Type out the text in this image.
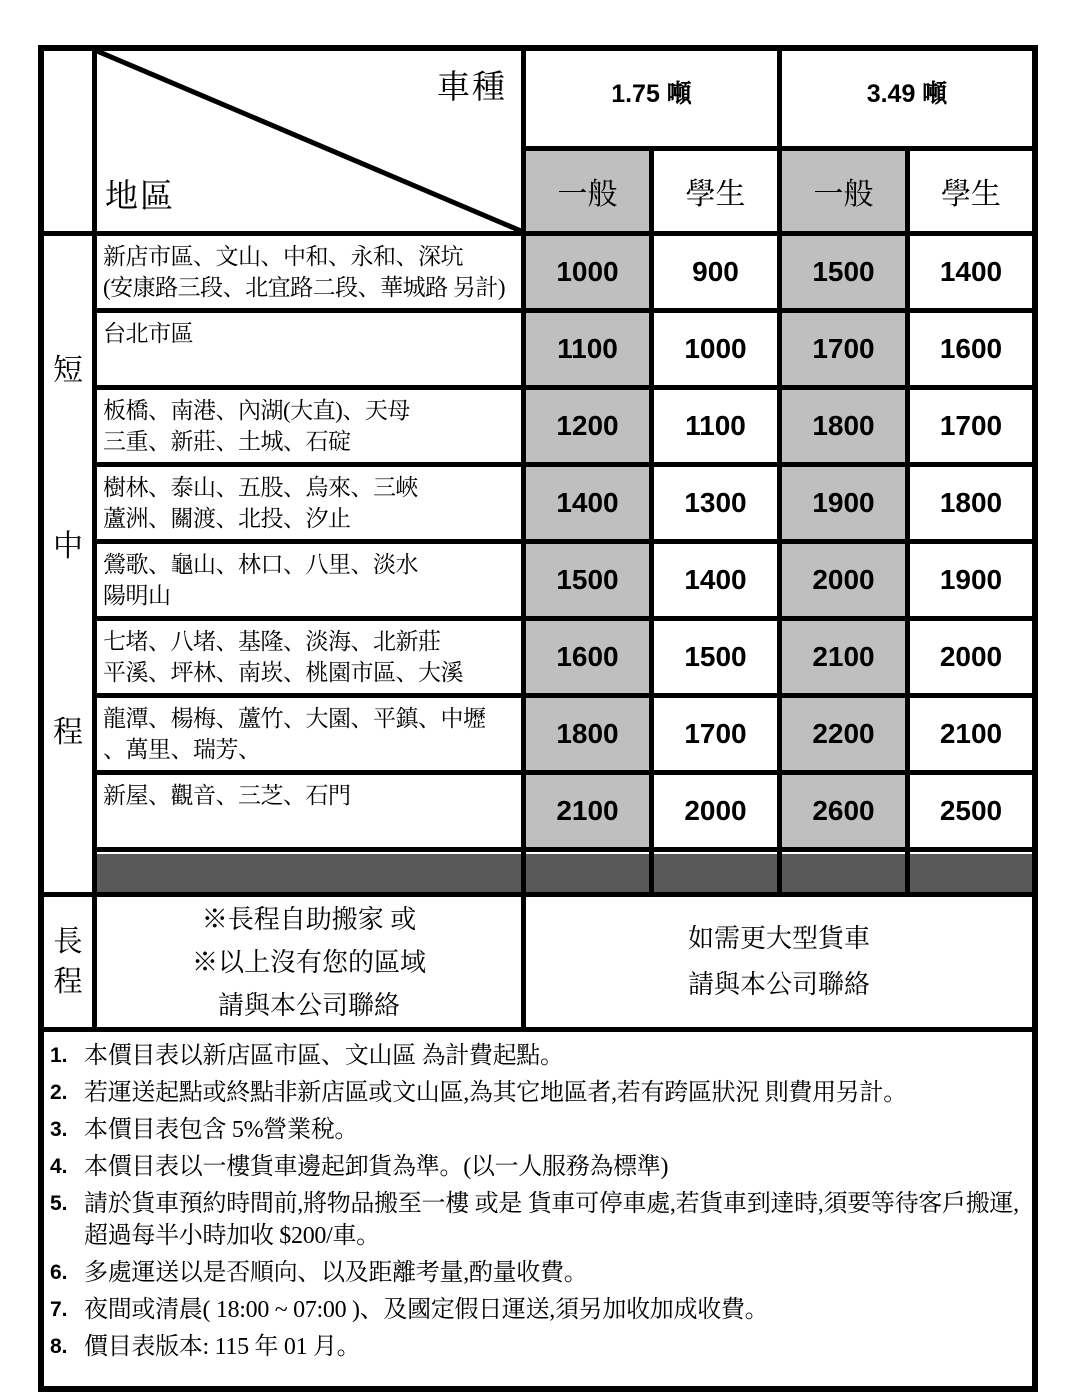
車種
地區
1.75 噸	3.49 噸
一般	學生	一般	學生
短
中
程
新店市區、文山、中和、永和、深坑
(安康路三段、北宜路二段、華城路 另計)
1000	900	1500	1400
台北市區	1100	1000	1700	1600
板橋、南港、內湖(大直)、天母
三重、新莊、土城、石碇
1200	1100	1800	1700
樹林、泰山、五股、烏來、三峽
蘆洲、關渡、北投、汐止
1400	1300	1900	1800
鶯歌、龜山、林口、八里、淡水
陽明山
1500	1400	2000	1900
七堵、八堵、基隆、淡海、北新莊
平溪、坪林、南崁、桃園市區、大溪
1600	1500	2100	2000
龍潭、楊梅、蘆竹、大園、平鎮、中壢
、萬里、瑞芳、
1800	1700	2200	2100
新屋、觀音、三芝、石門	2100	2000	2600	2500
長
程
※長程自助搬家 或
※以上沒有您的區域
請與本公司聯絡
如需更大型貨車
請與本公司聯絡
1. 本價目表以新店區市區、文山區 為計費起點。
2. 若運送起點或終點非新店區或文山區,為其它地區者,若有跨區狀況 則費用另計。
3. 本價目表包含 5%營業稅。
4. 本價目表以一樓貨車邊起卸貨為準。(以一人服務為標準)
5. 請於貨車預約時間前,將物品搬至一樓 或是 貨車可停車處,若貨車到達時,須要等待客戶搬運,超過每半小時加收 $200/車。
6. 多處運送以是否順向、以及距離考量,酌量收費。
7. 夜間或清晨( 18:00 ~ 07:00 )、及國定假日運送,須另加收加成收費。
8. 價目表版本: 115 年 01 月。
